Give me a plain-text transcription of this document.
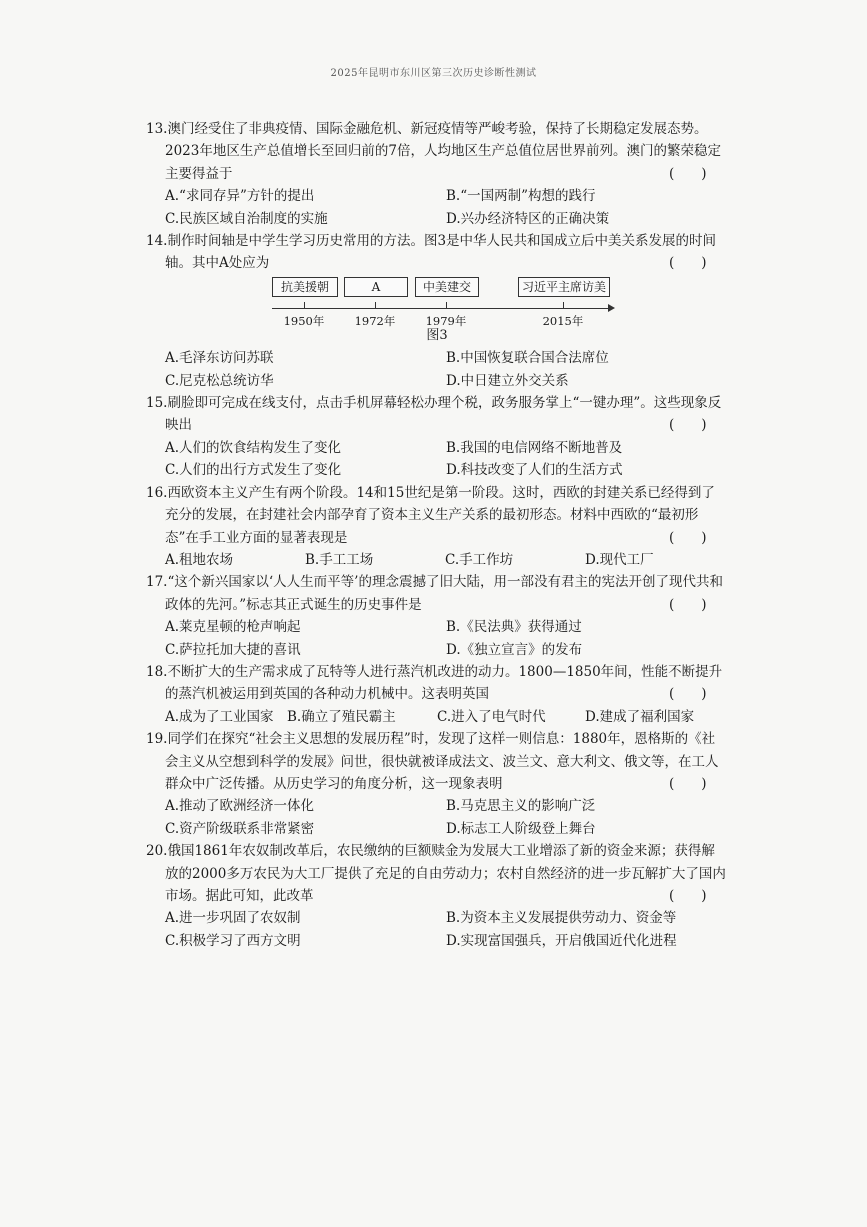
2025年昆明市东川区第三次历史诊断性测试
13.澳门经受住了非典疫情、国际金融危机、新冠疫情等严峻考验，保持了长期稳定发展态势。2023年地区生产总值增长至回归前的7倍，人均地区生产总值位居世界前列。澳门的繁荣稳定主要得益于	(　　)
A.“求同存异”方针的提出	B.“一国两制”构想的践行
C.民族区域自治制度的实施	D.兴办经济特区的正确决策
14.制作时间轴是中学生学习历史常用的方法。图3是中华人民共和国成立后中美关系发展的时间轴。其中A处应为	(　　)
抗美援朝	A	中美建交	习近平主席访美
1950年	1972年	1979年	2015年
图3
A.毛泽东访问苏联	B.中国恢复联合国合法席位
C.尼克松总统访华	D.中日建立外交关系
15.刷脸即可完成在线支付，点击手机屏幕轻松办理个税，政务服务掌上“一键办理”。这些现象反映出	(　　)
A.人们的饮食结构发生了变化	B.我国的电信网络不断地普及
C.人们的出行方式发生了变化	D.科技改变了人们的生活方式
16.西欧资本主义产生有两个阶段。14和15世纪是第一阶段。这时，西欧的封建关系已经得到了充分的发展，在封建社会内部孕育了资本主义生产关系的最初形态。材料中西欧的“最初形态”在手工业方面的显著表现是	(　　)
A.租地农场	B.手工工场	C.手工作坊	D.现代工厂
17.“这个新兴国家以‘人人生而平等’的理念震撼了旧大陆，用一部没有君主的宪法开创了现代共和政体的先河。”标志其正式诞生的历史事件是	(　　)
A.莱克星顿的枪声响起	B.《民法典》获得通过
C.萨拉托加大捷的喜讯	D.《独立宣言》的发布
18.不断扩大的生产需求成了瓦特等人进行蒸汽机改进的动力。1800—1850年间，性能不断提升的蒸汽机被运用到英国的各种动力机械中。这表明英国	(　　)
A.成为了工业国家 B.确立了殖民霸主	C.进入了电气时代	D.建成了福利国家
19.同学们在探究“社会主义思想的发展历程”时，发现了这样一则信息：1880年，恩格斯的《社会主义从空想到科学的发展》问世，很快就被译成法文、波兰文、意大利文、俄文等，在工人群众中广泛传播。从历史学习的角度分析，这一现象表明	(　　)
A.推动了欧洲经济一体化	B.马克思主义的影响广泛
C.资产阶级联系非常紧密	D.标志工人阶级登上舞台
20.俄国1861年农奴制改革后，农民缴纳的巨额赎金为发展大工业增添了新的资金来源；获得解放的2000多万农民为大工厂提供了充足的自由劳动力；农村自然经济的进一步瓦解扩大了国内市场。据此可知，此改革	(　　)
A.进一步巩固了农奴制	B.为资本主义发展提供劳动力、资金等
C.积极学习了西方文明	D.实现富国强兵，开启俄国近代化进程
